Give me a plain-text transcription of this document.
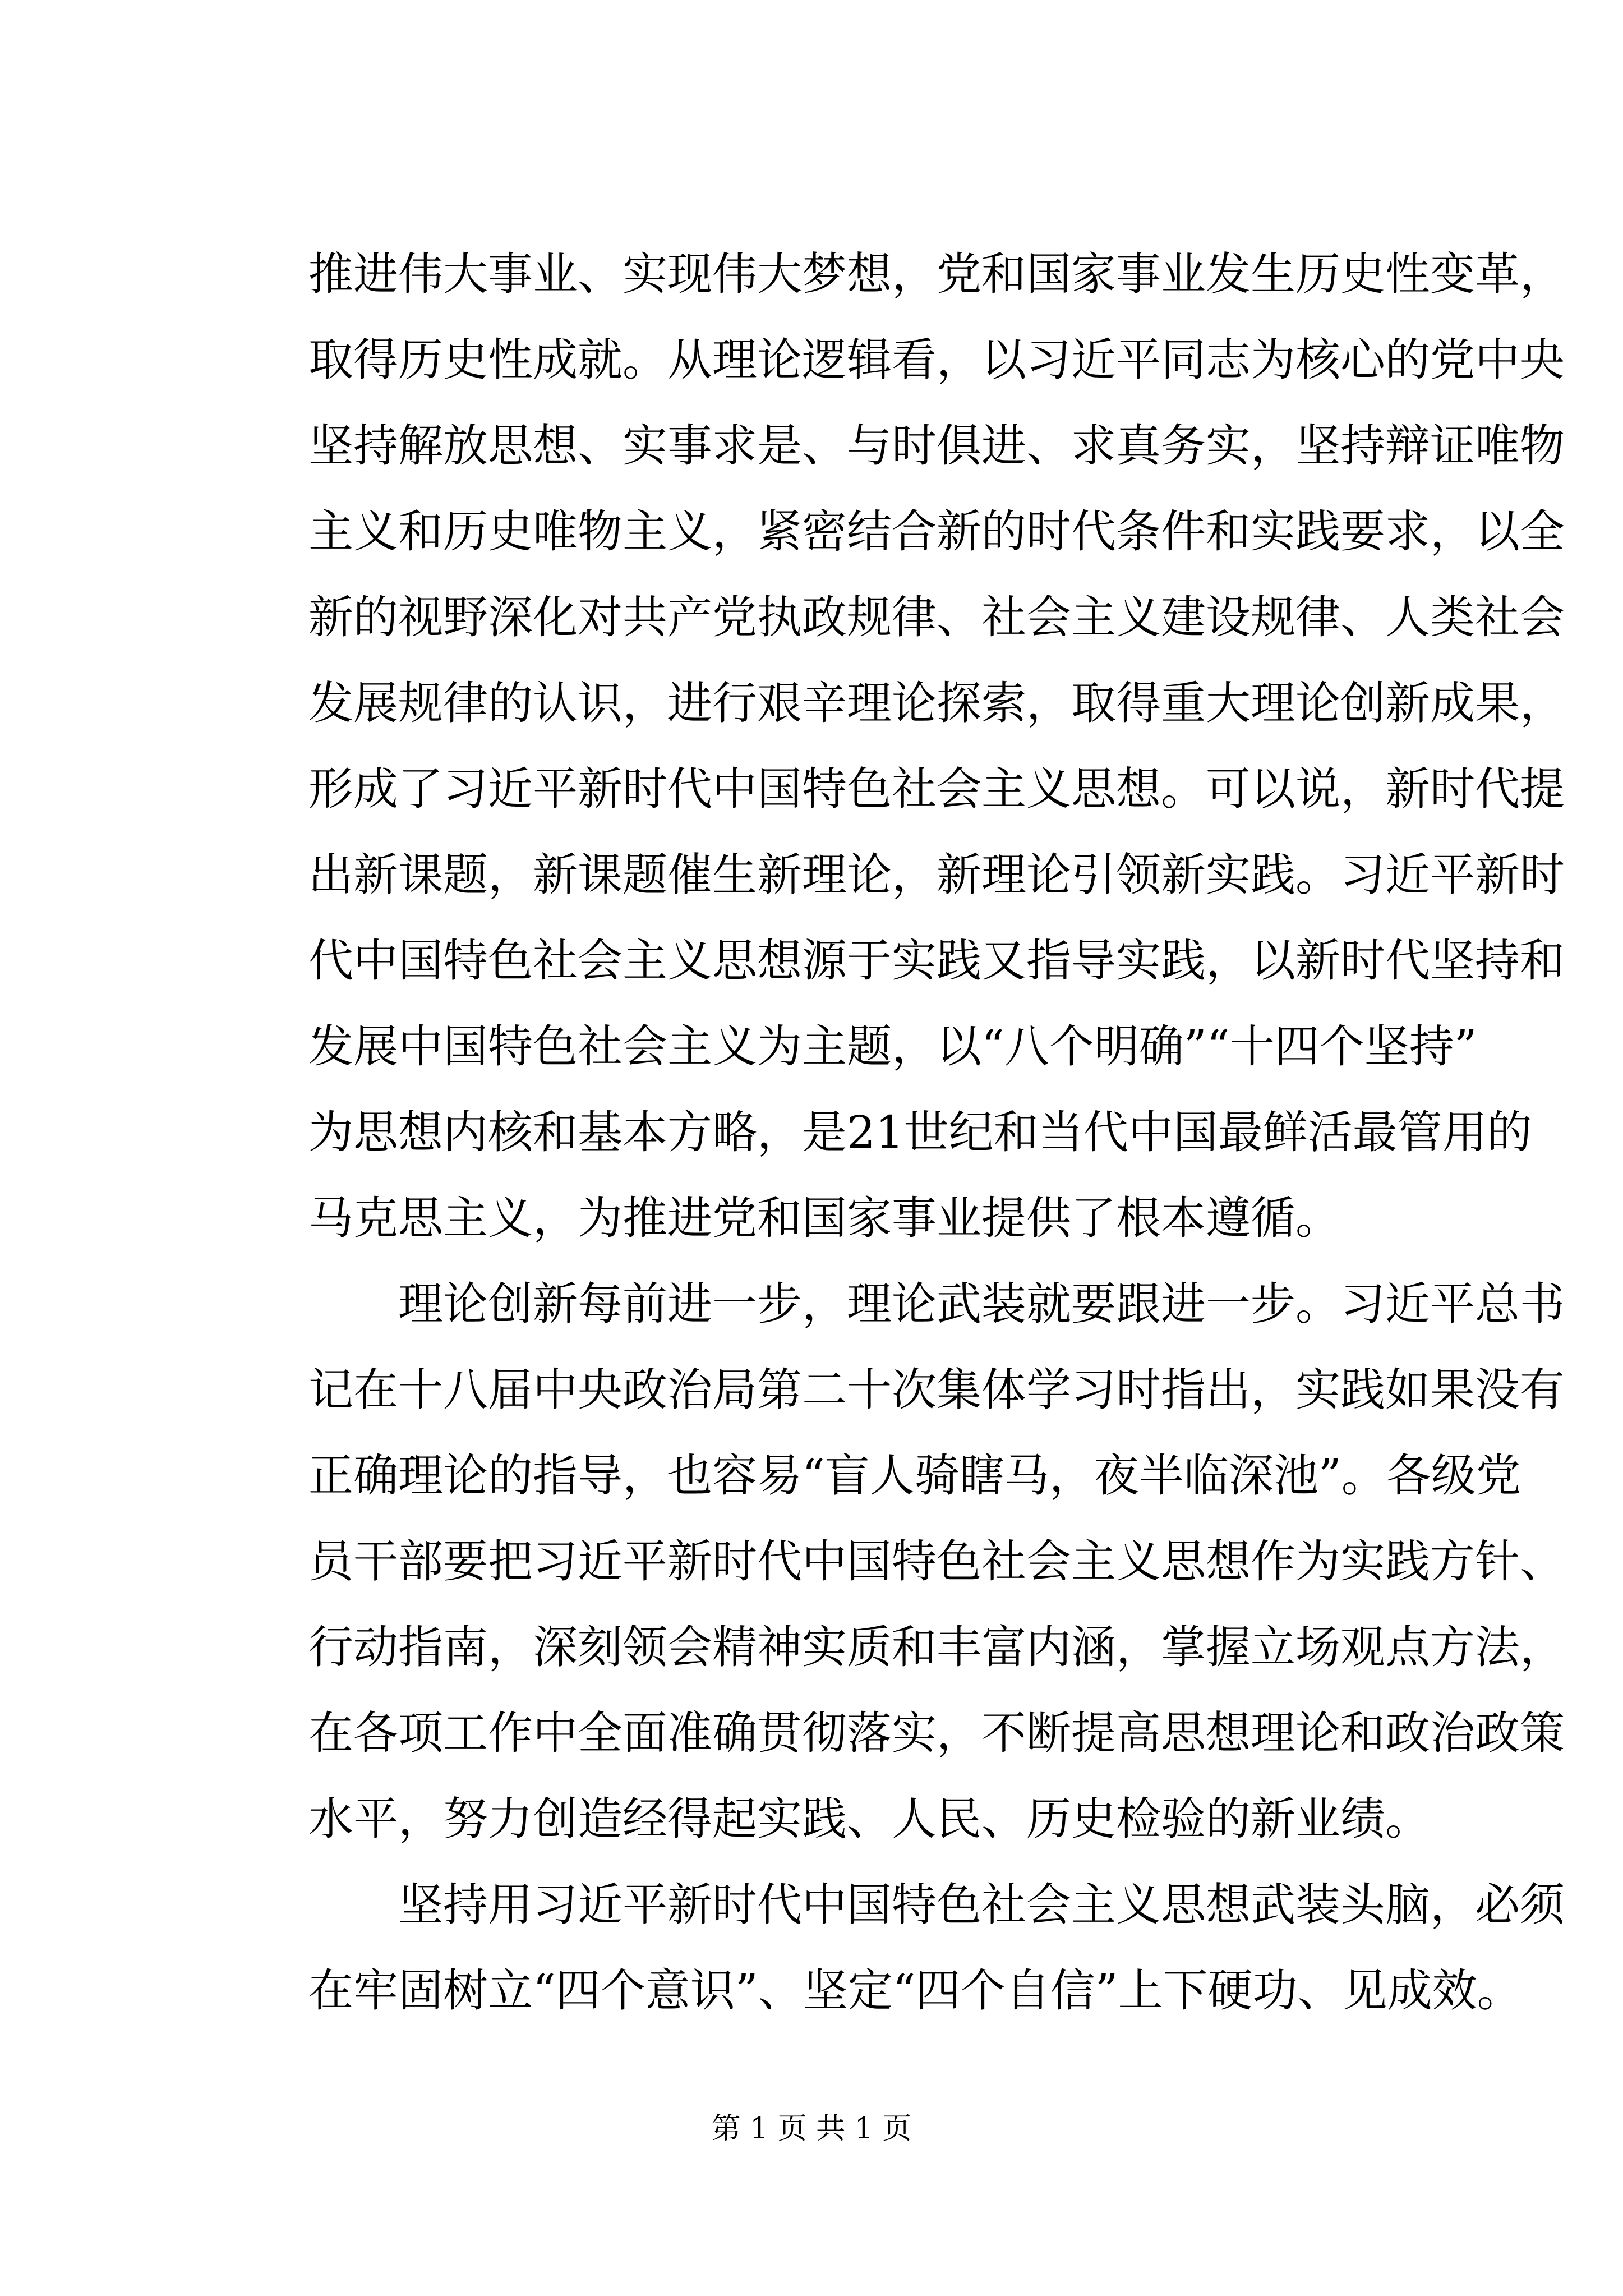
推进伟大事业、实现伟大梦想，党和国家事业发生历史性变革，
取得历史性成就。从理论逻辑看，以习近平同志为核心的党中央
坚持解放思想、实事求是、与时俱进、求真务实，坚持辩证唯物
主义和历史唯物主义，紧密结合新的时代条件和实践要求，以全
新的视野深化对共产党执政规律、社会主义建设规律、人类社会
发展规律的认识，进行艰辛理论探索，取得重大理论创新成果，
形成了习近平新时代中国特色社会主义思想。可以说，新时代提
出新课题，新课题催生新理论，新理论引领新实践。习近平新时
代中国特色社会主义思想源于实践又指导实践，以新时代坚持和
发展中国特色社会主义为主题，以“八个明确”“十四个坚持”
为思想内核和基本方略，是21世纪和当代中国最鲜活最管用的
马克思主义，为推进党和国家事业提供了根本遵循。
　　理论创新每前进一步，理论武装就要跟进一步。习近平总书
记在十八届中央政治局第二十次集体学习时指出，实践如果没有
正确理论的指导，也容易“盲人骑瞎马，夜半临深池”。各级党
员干部要把习近平新时代中国特色社会主义思想作为实践方针、
行动指南，深刻领会精神实质和丰富内涵，掌握立场观点方法，
在各项工作中全面准确贯彻落实，不断提高思想理论和政治政策
水平，努力创造经得起实践、人民、历史检验的新业绩。
　　坚持用习近平新时代中国特色社会主义思想武装头脑，必须
在牢固树立“四个意识”、坚定“四个自信”上下硬功、见成效。
第 1 页 共 1 页
